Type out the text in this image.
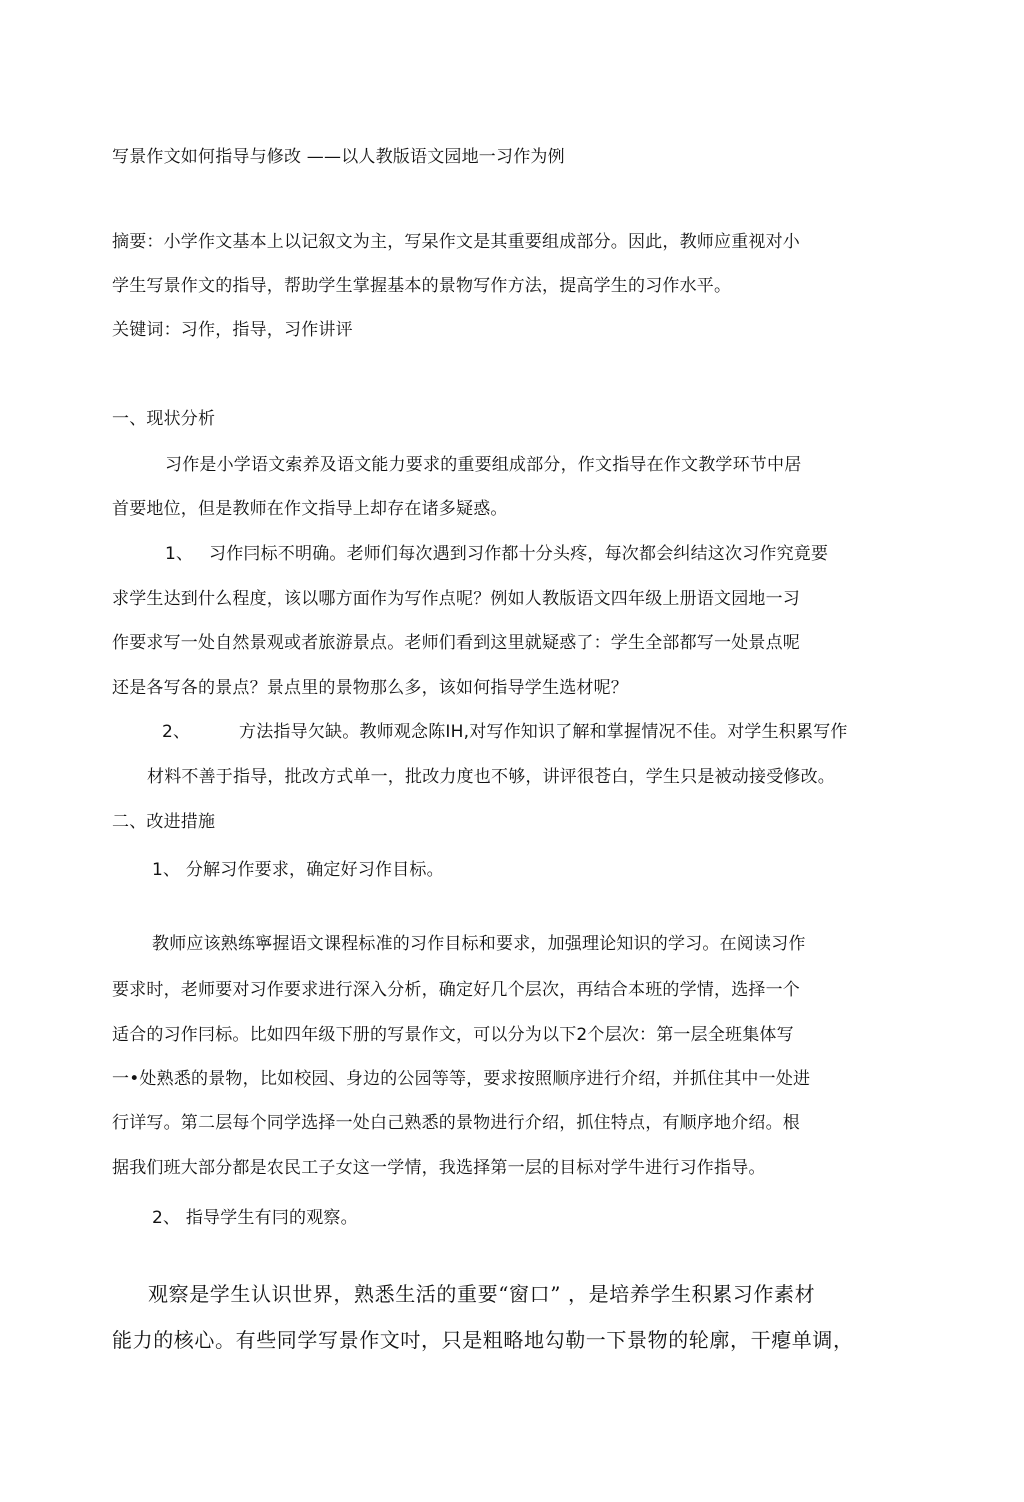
写景作文如何指导与修改 ——以人教版语文园地一习作为例
摘要：小学作文基本上以记叙文为主，写杲作文是其重要组成部分。因此，教师应重视对小
学生写景作文的指导，帮助学生掌握基本的景物写作方法，提高学生的习作水平。
关键词：习作，指导，习作讲评
一、现状分析
习作是小学语文索养及语文能力要求的重要组成部分，作文指导在作文教学环节中居
首要地位，但是教师在作文指导上却存在诸多疑惑。
1、 习作冃标不明确。老师们每次遇到习作都十分头疼，每次都会纠结这次习作究竟要
求学生达到什么程度，该以哪方面作为写作点呢？例如人教版语文四年级上册语文园地一习
作要求写一处自然景观或者旅游景点。老师们看到这里就疑惑了：学生全部都写一处景点呢
还是各写各的景点？景点里的景物那么多，该如何指导学生选材呢？
2、	方法指导欠缺。教师观念陈IH,对写作知识了解和掌握情况不佳。对学生积累写作
材料不善于指导，批改方式单一，批改力度也不够，讲评很苍白，学生只是被动接受修改。
二、改进措施
1、 分解习作要求，确定好习作目标。
教师应该熟练寧握语文课程标准的习作目标和要求，加强理论知识的学习。在阅读习作
要求时，老师要对习作要求进行深入分析，确定好几个层次，再结合本班的学情，选择一个
适合的习作冃标。比如四年级下册的写景作文，可以分为以下2个层次：第一层全班集体写
一•处熟悉的景物，比如校园、身边的公园等等，要求按照顺序进行介绍，并抓住其中一处进
行详写。第二层每个同学选择一处白己熟悉的景物进行介绍，抓住特点，有顺序地介绍。根
据我们班大部分都是农民工子女这一学情，我选择第一层的目标对学牛进行习作指导。
2、 指导学生有冃的观察。
观察是学生认识世界，熟悉生活的重要“窗口” ，是培养学生积累习作素材
能力的核心。有些同学写景作文吋，只是粗略地勾勒一下景物的轮廓，干瘪单调，
